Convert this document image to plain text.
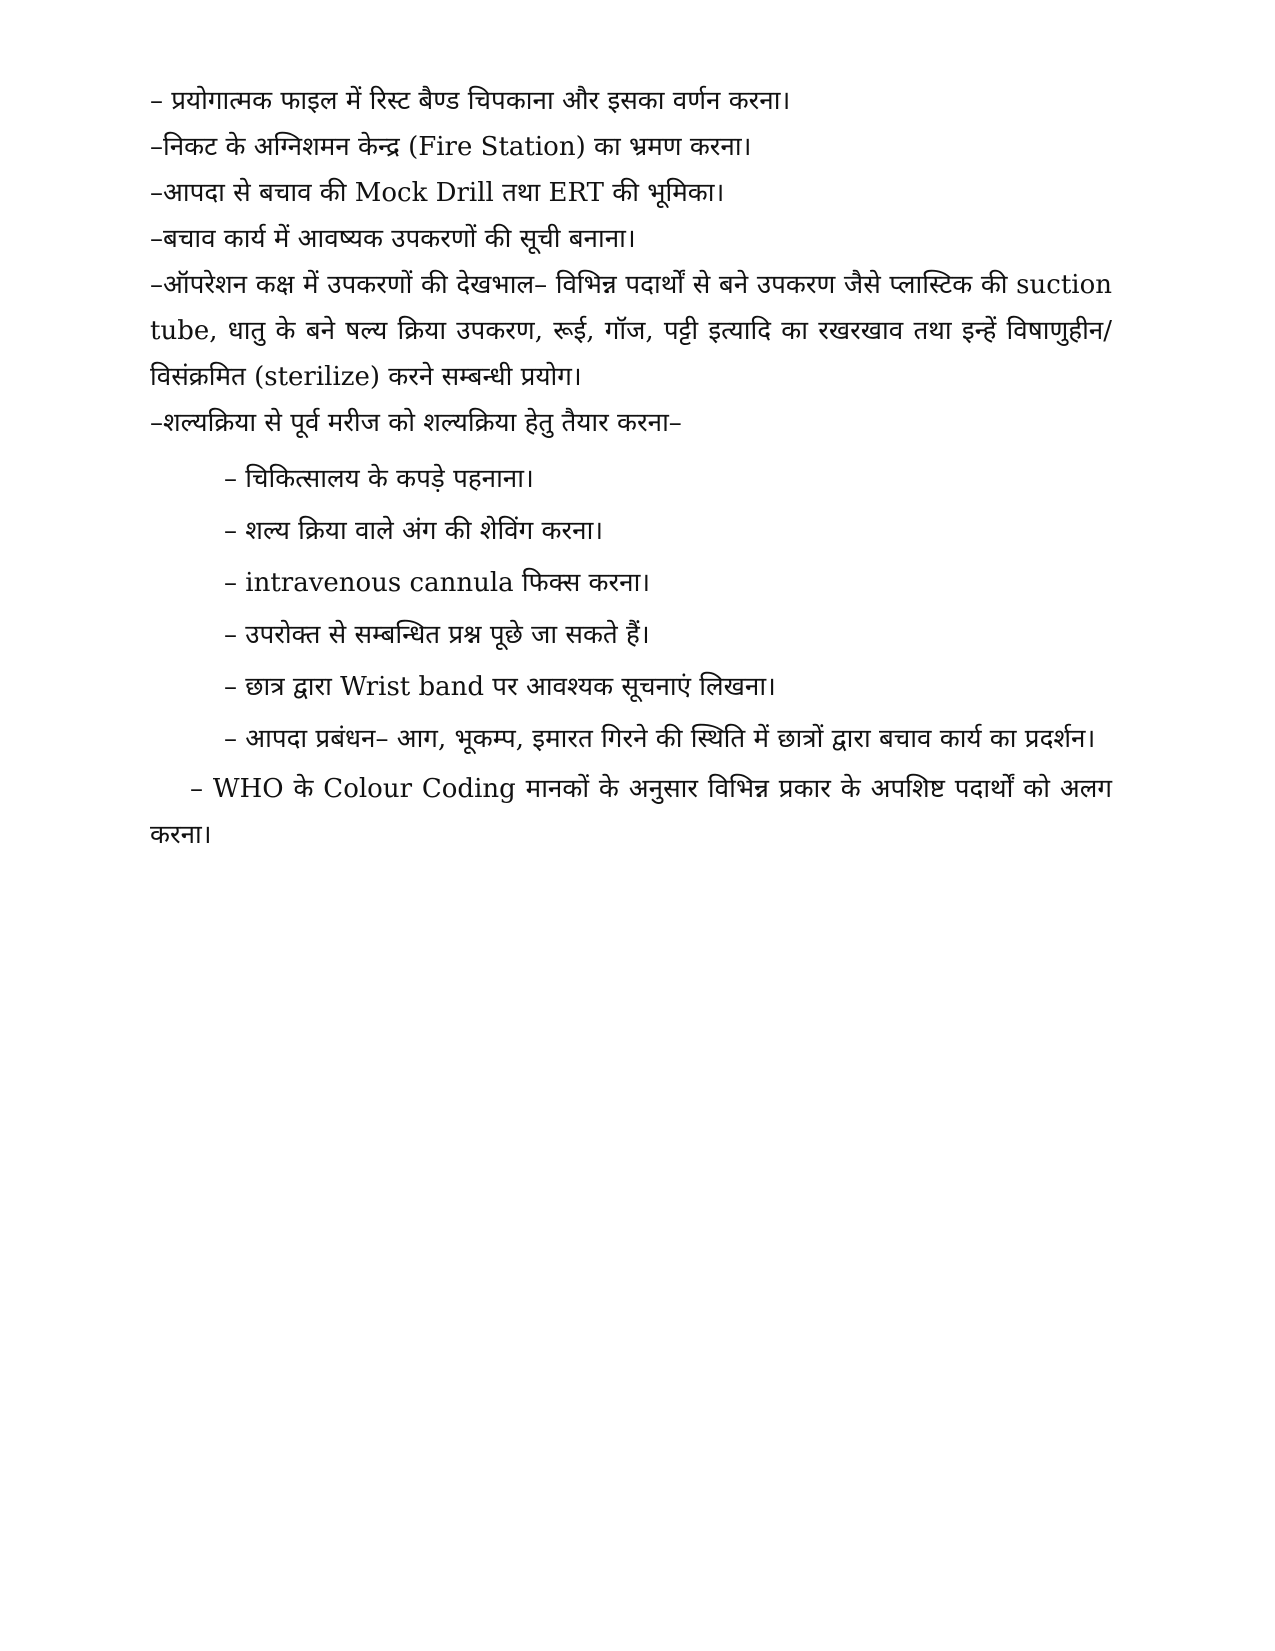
– प्रयोगात्मक फाइल में रिस्ट बैण्ड चिपकाना और इसका वर्णन करना।
–निकट के अग्निशमन केन्द्र (Fire Station) का भ्रमण करना।
–आपदा से बचाव की Mock Drill तथा ERT की भूमिका।
–बचाव कार्य में आवष्यक उपकरणों की सूची बनाना।
–ऑपरेशन कक्ष में उपकरणों की देखभाल– विभिन्न पदार्थों से बने उपकरण जैसे प्लास्टिक की suction tube, धातु के बने षल्य क्रिया उपकरण, रूई, गॉज, पट्टी इत्यादि का रखरखाव तथा इन्हें विषाणुहीन/विसंक्रमित (sterilize) करने सम्बन्धी प्रयोग।
–शल्यक्रिया से पूर्व मरीज को शल्यक्रिया हेतु तैयार करना–
– चिकित्सालय के कपड़े पहनाना।
– शल्य क्रिया वाले अंग की शेविंग करना।
– intravenous cannula फिक्स करना।
– उपरोक्त से सम्बन्धित प्रश्न पूछे जा सकते हैं।
– छात्र द्वारा Wrist band पर आवश्यक सूचनाएं लिखना।
– आपदा प्रबंधन– आग, भूकम्प, इमारत गिरने की स्थिति में छात्रों द्वारा बचाव कार्य का प्रदर्शन।
– WHO के Colour Coding मानकों के अनुसार विभिन्न प्रकार के अपशिष्ट पदार्थों को अलग करना।
